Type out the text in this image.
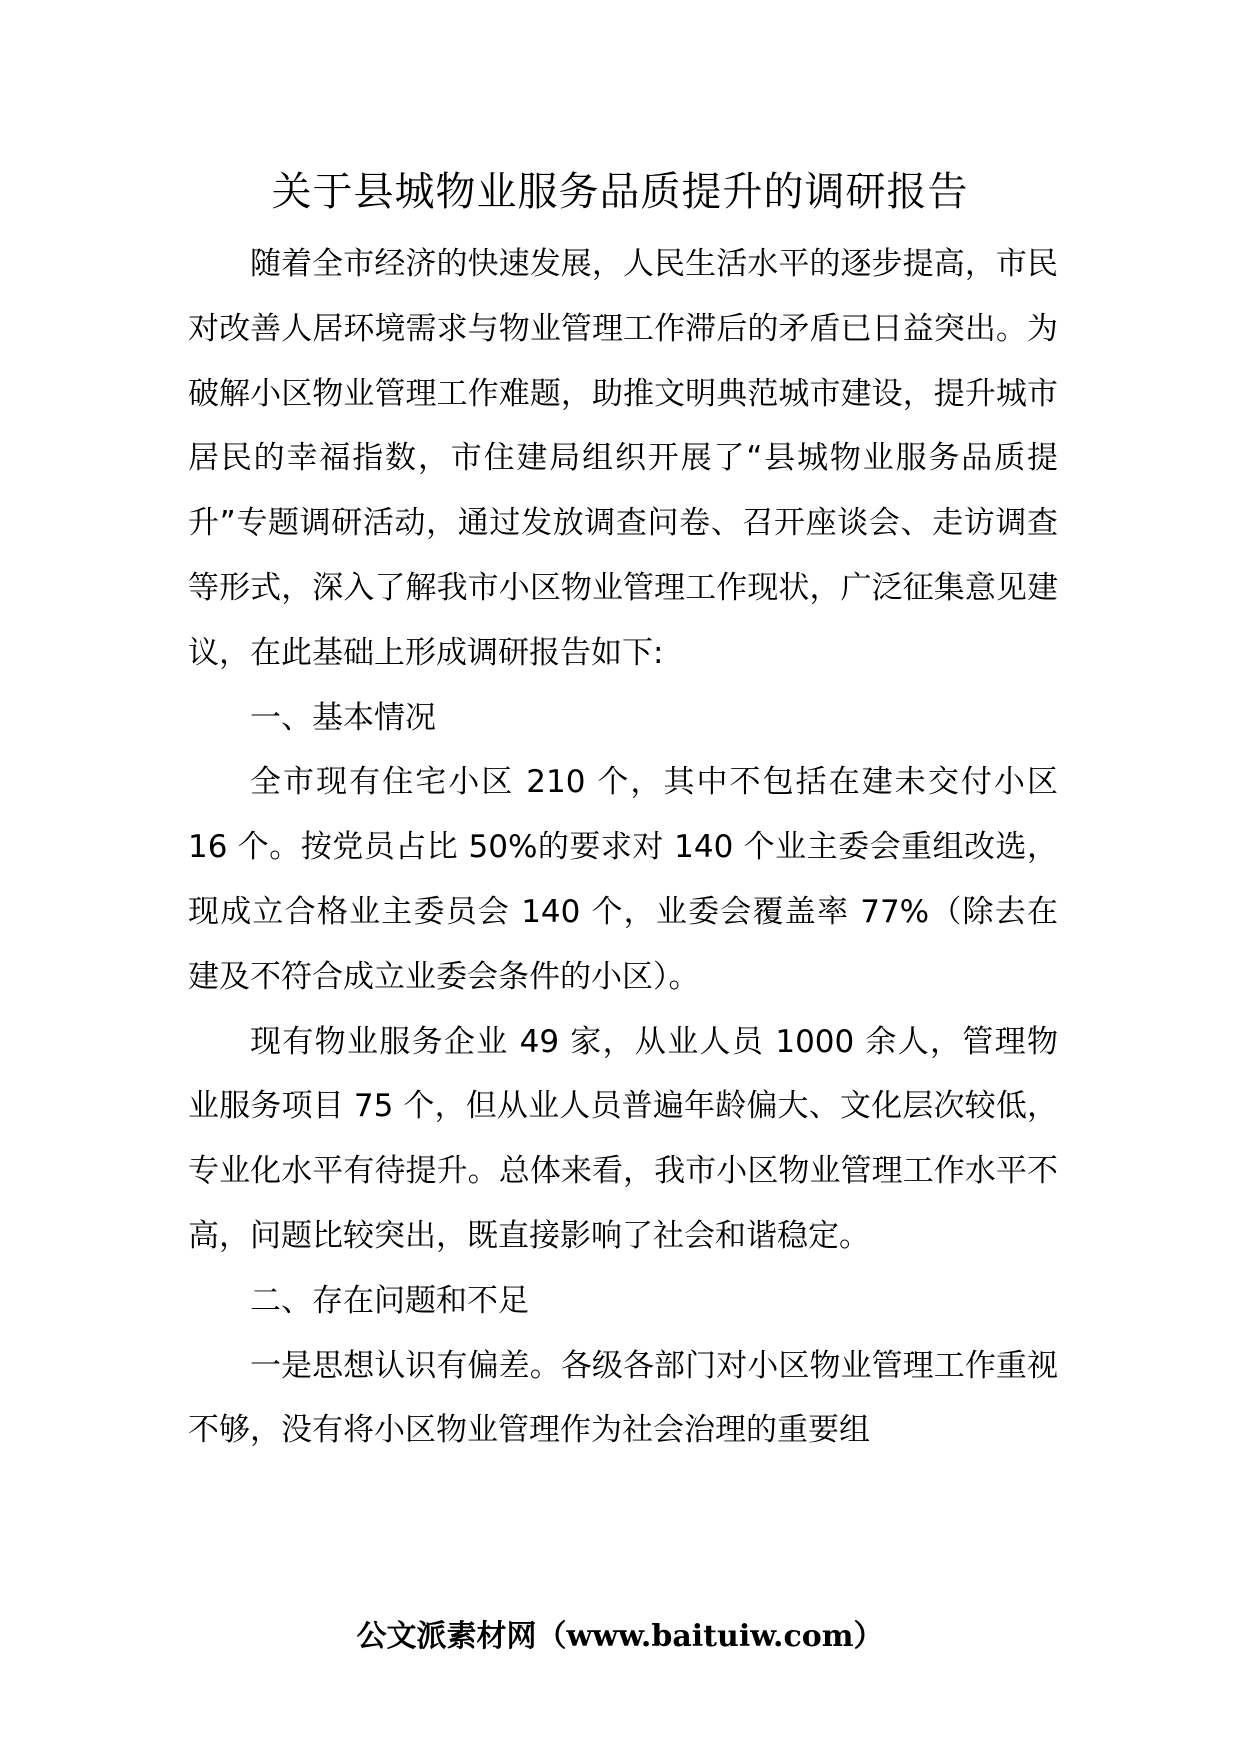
关于县城物业服务品质提升的调研报告

随着全市经济的快速发展，人民生活水平的逐步提高，市民对改善人居环境需求与物业管理工作滞后的矛盾已日益突出。为破解小区物业管理工作难题，助推文明典范城市建设，提升城市居民的幸福指数，市住建局组织开展了“县城物业服务品质提升”专题调研活动，通过发放调查问卷、召开座谈会、走访调查等形式，深入了解我市小区物业管理工作现状，广泛征集意见建议，在此基础上形成调研报告如下:

一、基本情况

全市现有住宅小区 210 个，其中不包括在建未交付小区 16 个。按党员占比 50%的要求对 140 个业主委会重组改选，现成立合格业主委员会 140 个，业委会覆盖率 77%（除去在建及不符合成立业委会条件的小区）。

现有物业服务企业 49 家，从业人员 1000 余人，管理物业服务项目 75 个，但从业人员普遍年龄偏大、文化层次较低，专业化水平有待提升。总体来看，我市小区物业管理工作水平不高，问题比较突出，既直接影响了社会和谐稳定。

二、存在问题和不足

一是思想认识有偏差。各级各部门对小区物业管理工作重视不够，没有将小区物业管理作为社会治理的重要组

公文派素材网（www.baituiw.com）
